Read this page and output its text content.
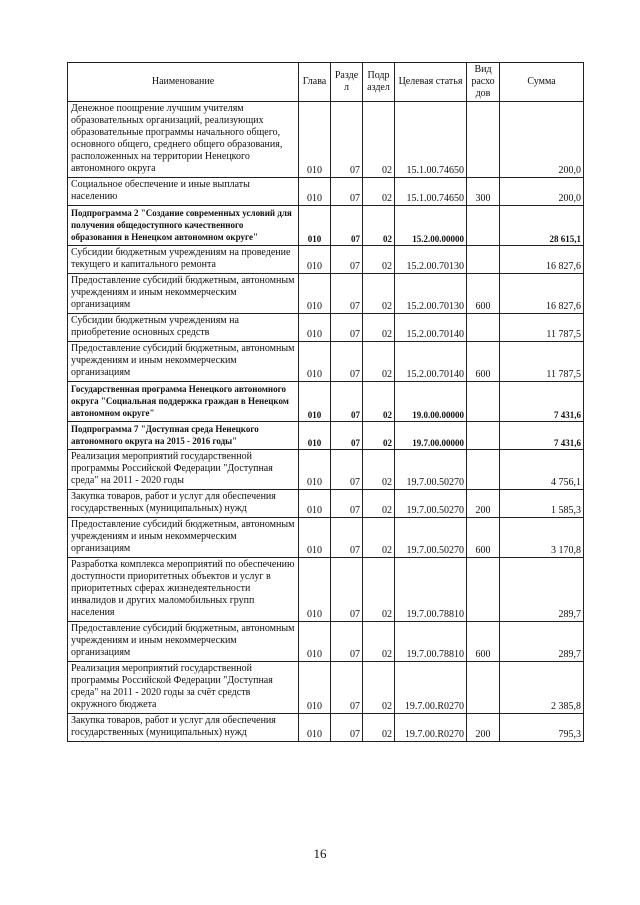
Наименование	Глава	Разде л	Подр аздел	Целевая статья	Вид расхо дов	Сумма
Денежное поощрение лучшим учителям образовательных организаций, реализующих образовательные программы начального общего, основного общего, среднего общего образования, расположенных на территории Ненецкого автономного округа	010	07	02	15.1.00.74650		200,0
Социальное обеспечение и иные выплаты населению	010	07	02	15.1.00.74650	300	200,0
Подпрограмма 2 "Создание современных условий для получения общедоступного качественного образования в Ненецком автономном округе"	010	07	02	15.2.00.00000		28 615,1
Субсидии бюджетным учреждениям на проведение текущего и капитального ремонта	010	07	02	15.2.00.70130		16 827,6
Предоставление субсидий бюджетным, автономным учреждениям и иным некоммерческим организациям	010	07	02	15.2.00.70130	600	16 827,6
Субсидии бюджетным учреждениям на приобретение основных средств	010	07	02	15.2.00.70140		11 787,5
Предоставление субсидий бюджетным, автономным учреждениям и иным некоммерческим организациям	010	07	02	15.2.00.70140	600	11 787,5
Государственная программа Ненецкого автономного округа "Социальная поддержка граждан в Ненецком автономном округе"	010	07	02	19.0.00.00000		7 431,6
Подпрограмма 7 "Доступная среда Ненецкого автономного округа на 2015 - 2016 годы"	010	07	02	19.7.00.00000		7 431,6
Реализация мероприятий государственной программы Российской Федерации "Доступная среда" на 2011 - 2020 годы	010	07	02	19.7.00.50270		4 756,1
Закупка товаров, работ и услуг для обеспечения государственных (муниципальных) нужд	010	07	02	19.7.00.50270	200	1 585,3
Предоставление субсидий бюджетным, автономным учреждениям и иным некоммерческим организациям	010	07	02	19.7.00.50270	600	3 170,8
Разработка комплекса мероприятий по обеспечению доступности приоритетных объектов и услуг в приоритетных сферах жизнедеятельности инвалидов и других маломобильных групп населения	010	07	02	19.7.00.78810		289,7
Предоставление субсидий бюджетным, автономным учреждениям и иным некоммерческим организациям	010	07	02	19.7.00.78810	600	289,7
Реализация мероприятий государственной программы Российской Федерации "Доступная среда" на 2011 - 2020 годы за счёт средств окружного бюджета	010	07	02	19.7.00.R0270		2 385,8
Закупка товаров, работ и услуг для обеспечения государственных (муниципальных) нужд	010	07	02	19.7.00.R0270	200	795,3
16
